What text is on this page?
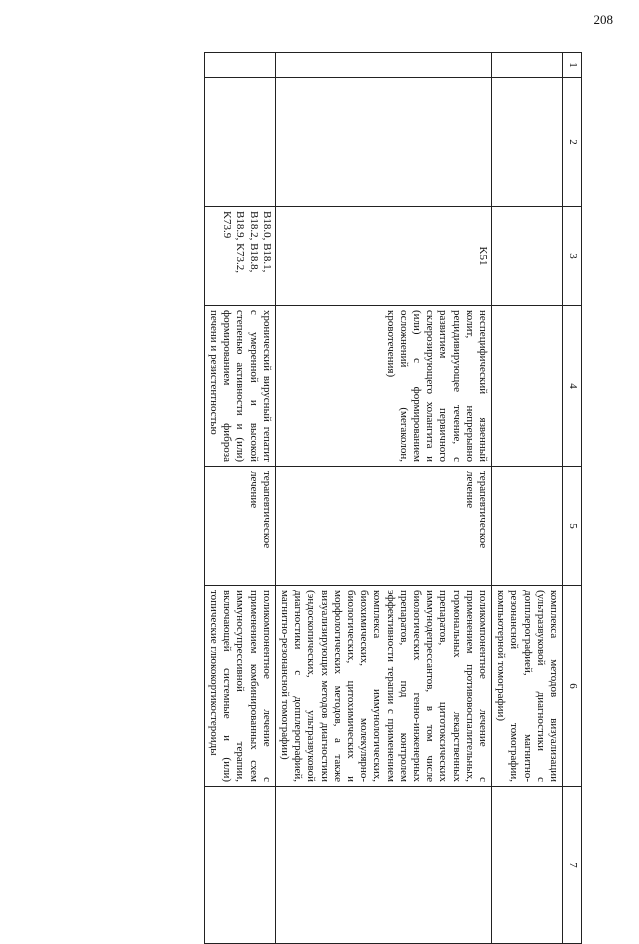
208
1	2	3	4	5	6	7
					комплекса методов визуализации (ультразвуковой диагностики с допплерографией, магнитно-резонансной томографии, компьютерной томографии)	
		K51	неспецифический язвенный колит, непрерывно рецидивирующее течение, с развитием первичного склерозирующего холангита и (или) с формированием осложнений (мегаколон, кровотечения)	терапевтическое лечение	поликомпонентное лечение с применением противовоспалительных, гормональных лекарственных препаратов, цитотоксических иммунодепрессантов, в том числе биологических генно-инженерных препаратов, под контролем эффективности терапии с применением комплекса иммунологических, биохимических, молекулярно-биологических, цитохимических и морфологических методов, а также визуализирующих методов диагностики (эндоскопических, ультразвуковой диагностики с допплерографией, магнитно-резонансной томографии)	
		B18.0, B18.1,
B18.2, B18.8,
B18.9, K73.2,
K73.9	хронический вирусный гепатит с умеренной и высокой степенью активности и (или) формированием фиброза печени и резистентностью	терапевтическое лечение	поликомпонентное лечение с применением комбинированных схем иммуносупрессивной терапии, включающей системные и (или) топические глюкокортикостероиды	
